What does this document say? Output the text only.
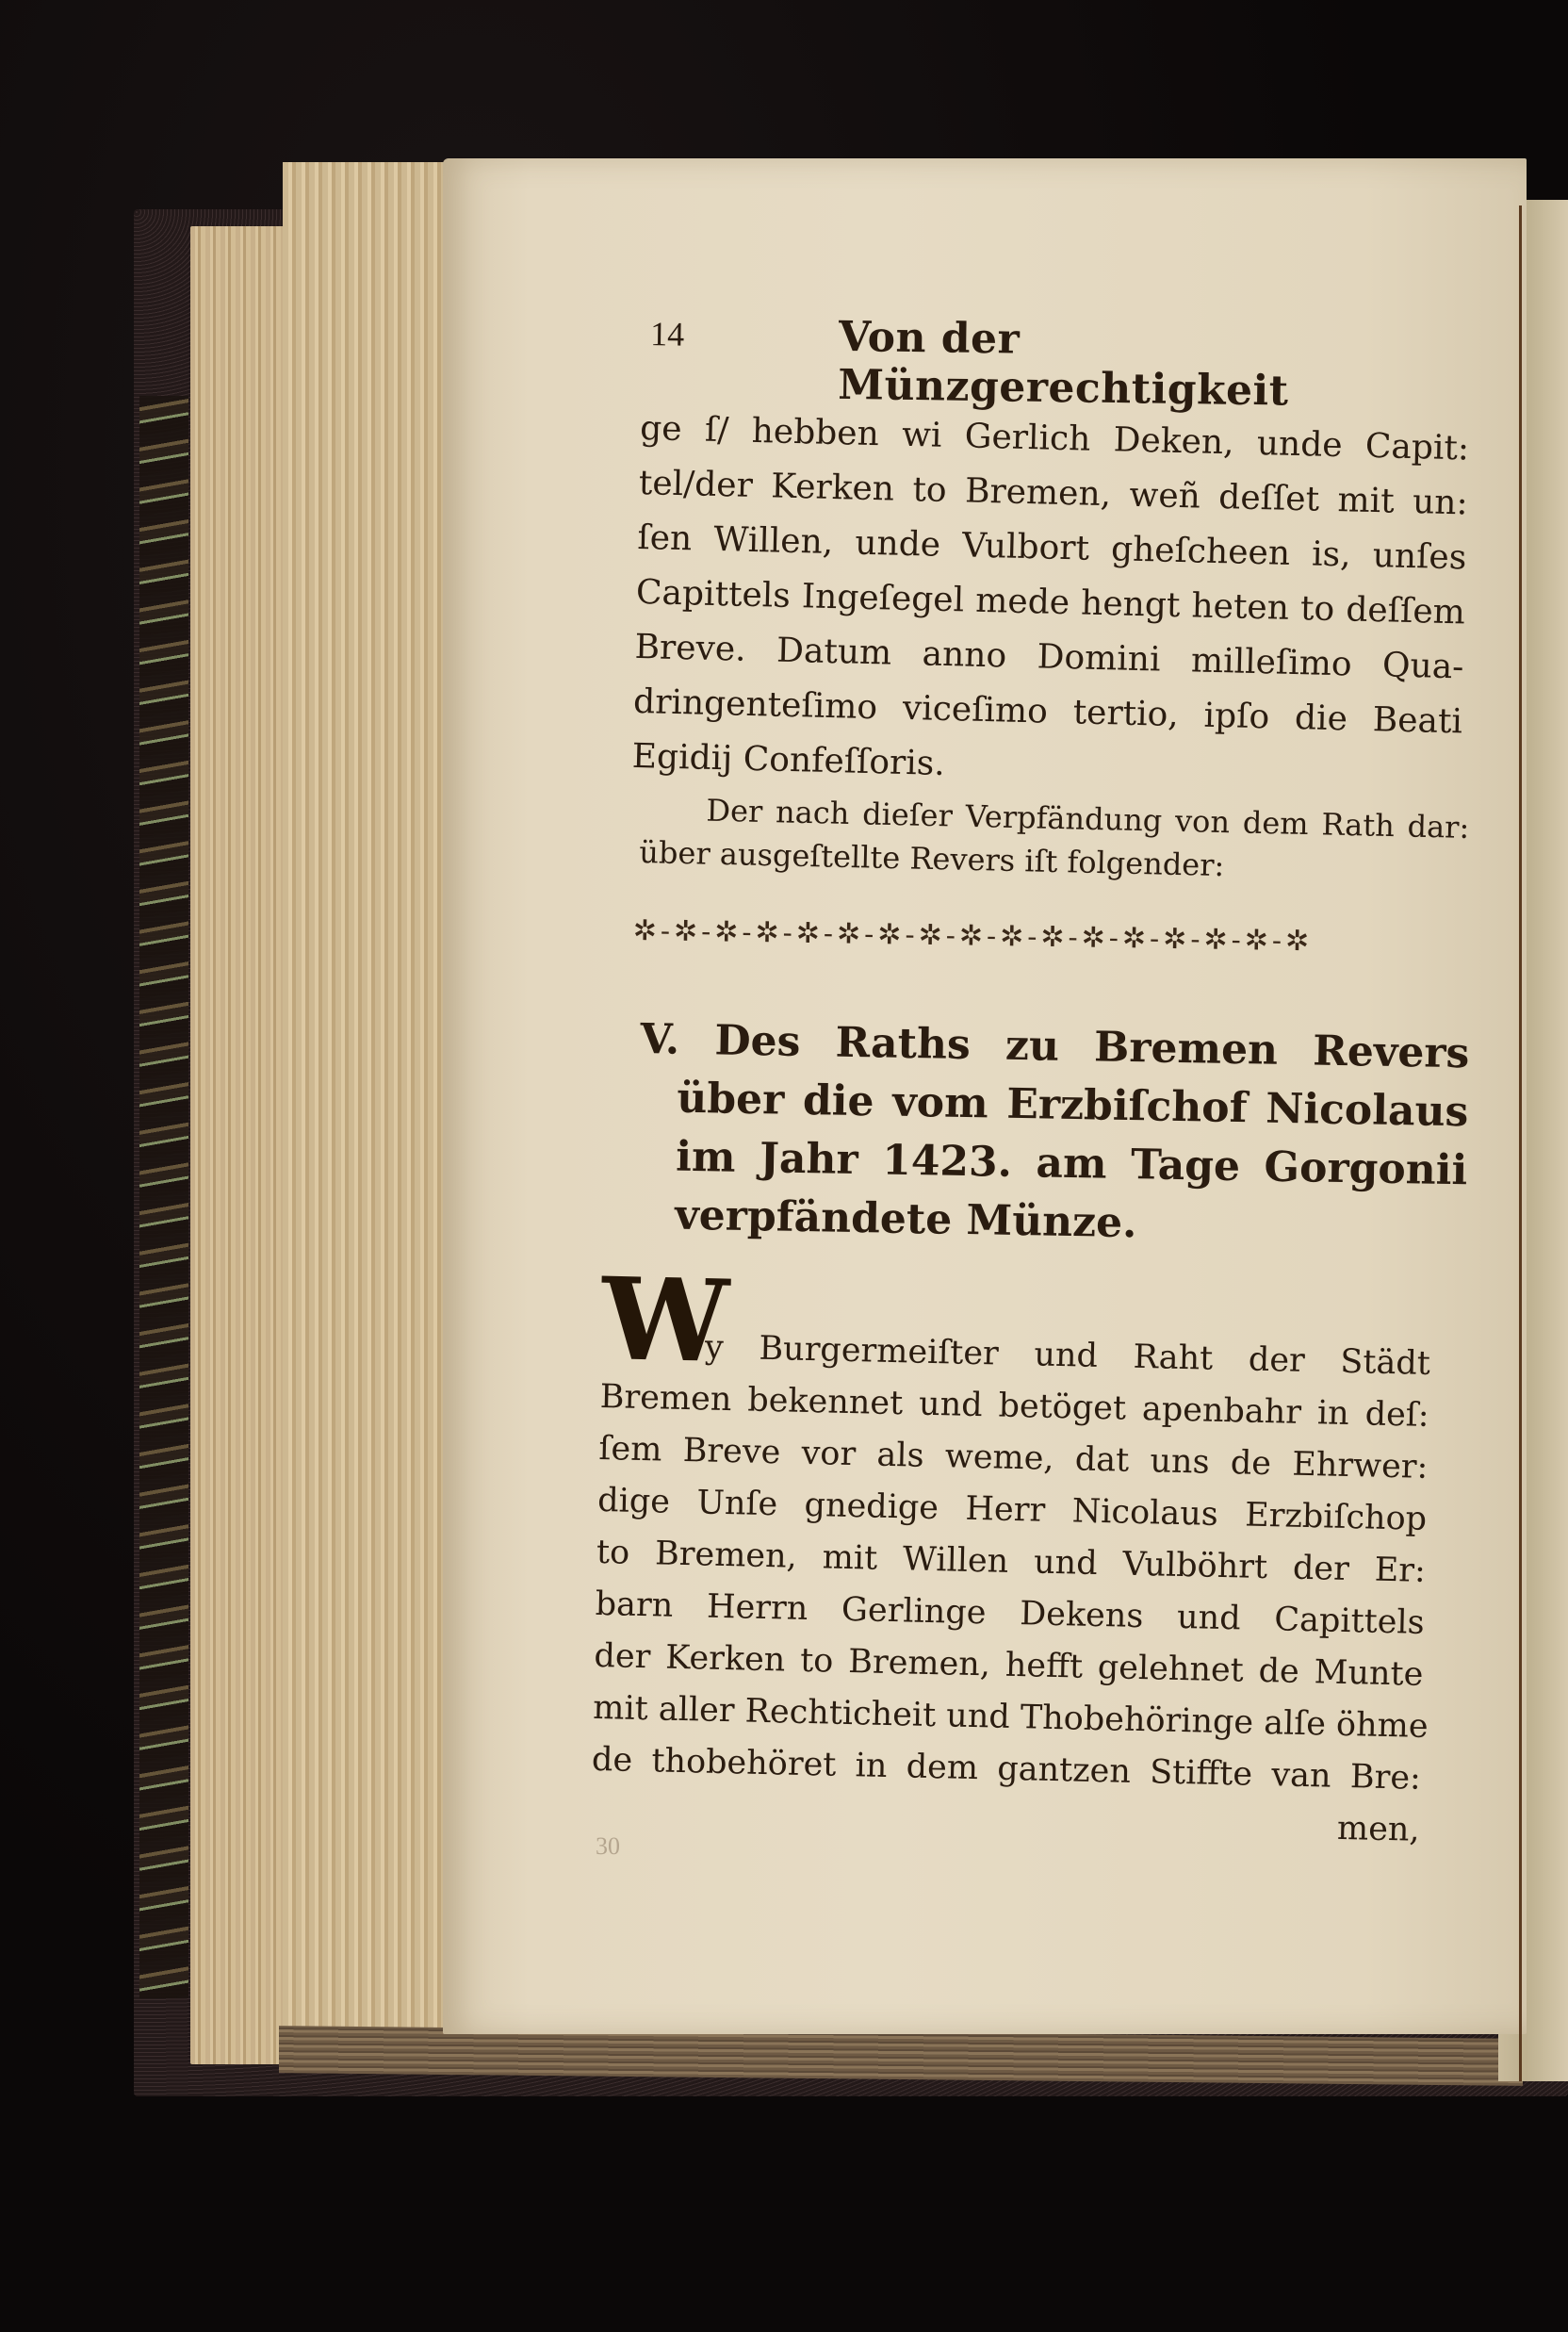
14	Von der Münzgerechtigkeit
ge ſ/ hebben wi Gerlich Deken, unde Capit:
tel/der Kerken to Bremen, weñ deſſet mit un:
ſen Willen, unde Vulbort gheſcheen is, unſes
Capittels Ingeſegel mede hengt heten to deſſem
Breve. Datum anno Domini milleſimo Qua-
dringenteſimo viceſimo tertio, ipſo die Beati
Egidij Confeſſoris.
Der nach dieſer Verpfändung von dem Rath dar:
über ausgeſtellte Revers iſt folgender:
✲-✲-✲-✲-✲-✲-✲-✲-✲-✲-✲-✲-✲-✲-✲-✲-✲
V. Des Raths zu Bremen Revers
über die vom Erzbiſchof Nicolaus
im Jahr 1423. am Tage Gorgonii
verpfändete Münze.
W
y Burgermeiſter und Raht der Städt
Bremen bekennet und betöget apenbahr in deſ:
ſem Breve vor als weme, dat uns de Ehrwer:
dige Unſe gnedige Herr Nicolaus Erzbiſchop
to Bremen, mit Willen und Vulböhrt der Er:
barn Herrn Gerlinge Dekens und Capittels
der Kerken to Bremen, hefft gelehnet de Munte
mit aller Rechticheit und Thobehöringe alſe öhme
de thobehöret in dem gantzen Stiffte van Bre:
men,
30
